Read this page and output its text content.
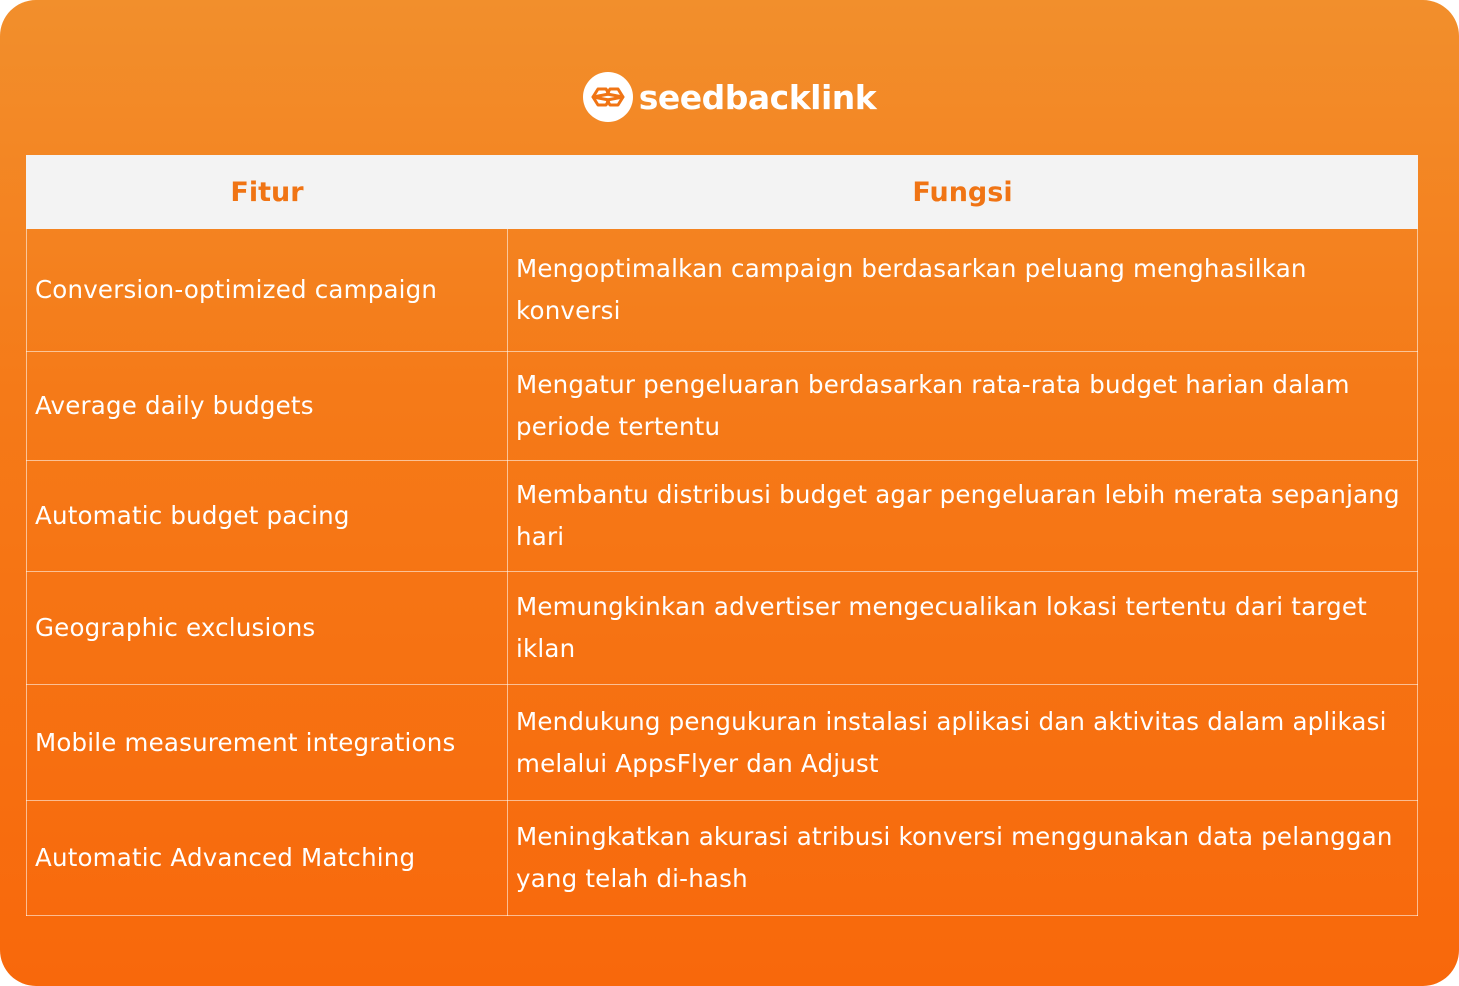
seedbacklink
Fitur	Fungsi
Conversion-optimized campaign	Mengoptimalkan campaign berdasarkan peluang menghasilkan konversi
Average daily budgets	Mengatur pengeluaran berdasarkan rata-rata budget harian dalam periode tertentu
Automatic budget pacing	Membantu distribusi budget agar pengeluaran lebih merata sepanjang hari
Geographic exclusions	Memungkinkan advertiser mengecualikan lokasi tertentu dari target iklan
Mobile measurement integrations	Mendukung pengukuran instalasi aplikasi dan aktivitas dalam aplikasi melalui AppsFlyer dan Adjust
Automatic Advanced Matching	Meningkatkan akurasi atribusi konversi menggunakan data pelanggan yang telah di-hash
